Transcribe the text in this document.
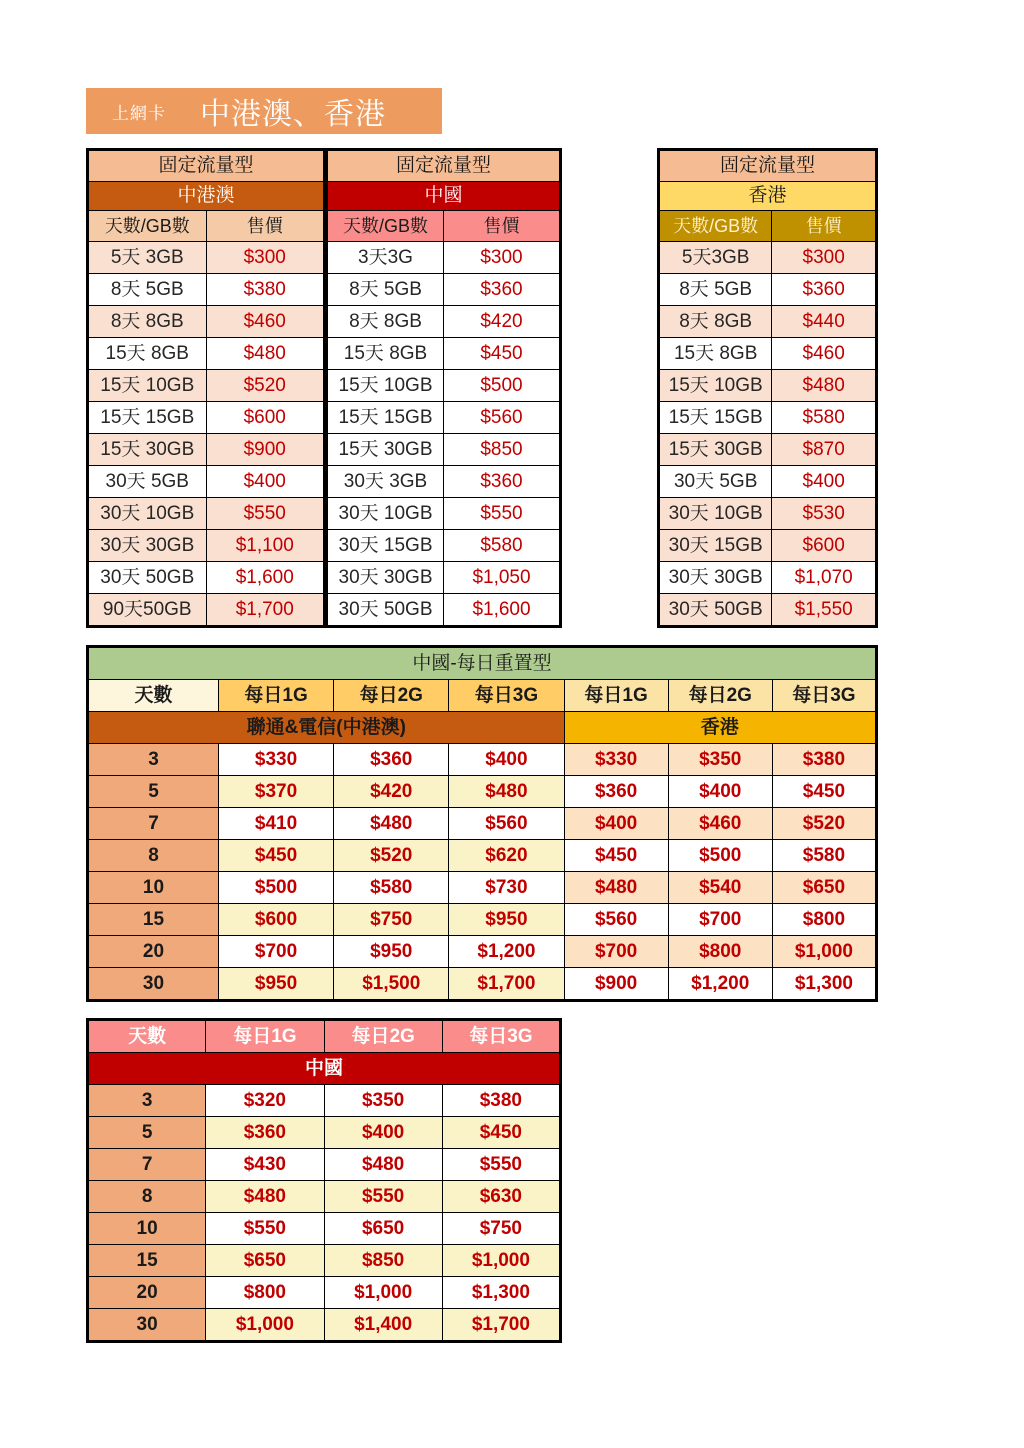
上網卡 中港澳、香港
固定流量型	
中港澳	
天數/GB數	售價
5天 3GB	$300
8天 5GB	$380
8天 8GB	$460
15天 8GB	$480
15天 10GB	$520
15天 15GB	$600
15天 30GB	$900
30天 5GB	$400
30天 10GB	$550
30天 30GB	$1,100
30天 50GB	$1,600
90天50GB	$1,700
固定流量型	
中國	
天數/GB數	售價
3天3G	$300
8天 5GB	$360
8天 8GB	$420
15天 8GB	$450
15天 10GB	$500
15天 15GB	$560
15天 30GB	$850
30天 3GB	$360
30天 10GB	$550
30天 15GB	$580
30天 30GB	$1,050
30天 50GB	$1,600
固定流量型	
香港	
天數/GB數	售價
5天3GB	$300
8天 5GB	$360
8天 8GB	$440
15天 8GB	$460
15天 10GB	$480
15天 15GB	$580
15天 30GB	$870
30天 5GB	$400
30天 10GB	$530
30天 15GB	$600
30天 30GB	$1,070
30天 50GB	$1,550
中國-每日重置型						
天數	每日1G	每日2G	每日3G	每日1G	每日2G	每日3G
聯通&電信(中港澳)				香港		
3	$330	$360	$400	$330	$350	$380
5	$370	$420	$480	$360	$400	$450
7	$410	$480	$560	$400	$460	$520
8	$450	$520	$620	$450	$500	$580
10	$500	$580	$730	$480	$540	$650
15	$600	$750	$950	$560	$700	$800
20	$700	$950	$1,200	$700	$800	$1,000
30	$950	$1,500	$1,700	$900	$1,200	$1,300
天數	每日1G	每日2G	每日3G
中國			
3	$320	$350	$380
5	$360	$400	$450
7	$430	$480	$550
8	$480	$550	$630
10	$550	$650	$750
15	$650	$850	$1,000
20	$800	$1,000	$1,300
30	$1,000	$1,400	$1,700
